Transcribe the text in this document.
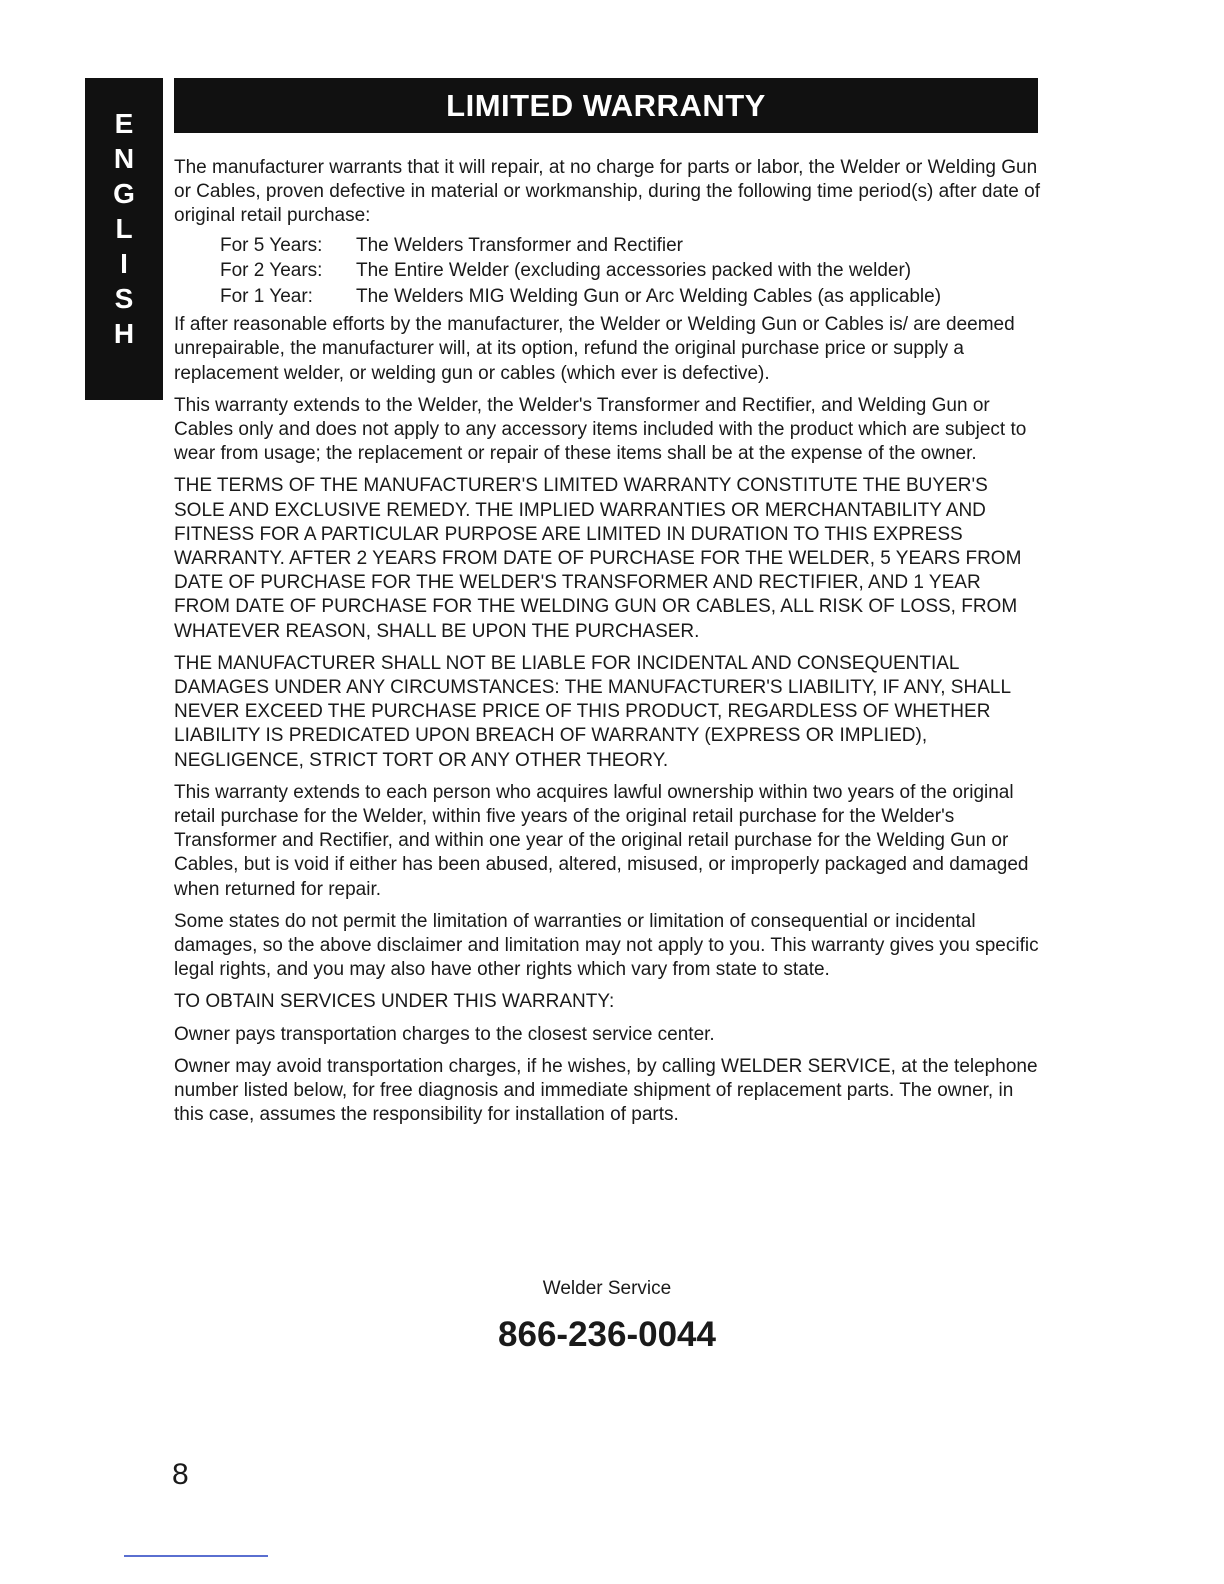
E
N
G
L
I
S
H
LIMITED WARRANTY

The manufacturer warrants that it will repair, at no charge for parts or labor, the Welder or Welding Gun or Cables, proven defective in material or workmanship, during the following time period(s) after date of original retail purchase:

For 5 Years:	The Welders Transformer and Rectifier
For 2 Years:	The Entire Welder (excluding accessories packed with the welder)
For 1 Year:	The Welders MIG Welding Gun or Arc Welding Cables (as applicable)

If after reasonable efforts by the manufacturer, the Welder or Welding Gun or Cables is/ are deemed unrepairable, the manufacturer will, at its option, refund the original purchase price or supply a replacement welder, or welding gun or cables (which ever is defective).

This warranty extends to the Welder, the Welder's Transformer and Rectifier, and Welding Gun or Cables only and does not apply to any accessory items included with the product which are subject to wear from usage; the replacement or repair of these items shall be at the expense of the owner.

THE TERMS OF THE MANUFACTURER'S LIMITED WARRANTY CONSTITUTE THE BUYER'S SOLE AND EXCLUSIVE REMEDY. THE IMPLIED WARRANTIES OR MERCHANTABILITY AND FITNESS FOR A PARTICULAR PURPOSE ARE LIMITED IN DURATION TO THIS EXPRESS WARRANTY. AFTER 2 YEARS FROM DATE OF PURCHASE FOR THE WELDER, 5 YEARS FROM DATE OF PURCHASE FOR THE WELDER'S TRANSFORMER AND RECTIFIER, AND 1 YEAR FROM DATE OF PURCHASE FOR THE WELDING GUN OR CABLES, ALL RISK OF LOSS, FROM WHATEVER REASON, SHALL BE UPON THE PURCHASER.

THE MANUFACTURER SHALL NOT BE LIABLE FOR INCIDENTAL AND CONSEQUENTIAL DAMAGES UNDER ANY CIRCUMSTANCES: THE MANUFACTURER'S LIABILITY, IF ANY, SHALL NEVER EXCEED THE PURCHASE PRICE OF THIS PRODUCT, REGARDLESS OF WHETHER LIABILITY IS PREDICATED UPON BREACH OF WARRANTY (EXPRESS OR IMPLIED), NEGLIGENCE, STRICT TORT OR ANY OTHER THEORY.

This warranty extends to each person who acquires lawful ownership within two years of the original retail purchase for the Welder, within five years of the original retail purchase for the Welder's Transformer and Rectifier, and within one year of the original retail purchase for the Welding Gun or Cables, but is void if either has been abused, altered, misused, or improperly packaged and damaged when returned for repair.

Some states do not permit the limitation of warranties or limitation of consequential or incidental damages, so the above disclaimer and limitation may not apply to you. This warranty gives you specific legal rights, and you may also have other rights which vary from state to state.

TO OBTAIN SERVICES UNDER THIS WARRANTY:

Owner pays transportation charges to the closest service center.

Owner may avoid transportation charges, if he wishes, by calling WELDER SERVICE, at the telephone number listed below, for free diagnosis and immediate shipment of replacement parts. The owner, in this case, assumes the responsibility for installation of parts.

Welder Service
866-236-0044
8
